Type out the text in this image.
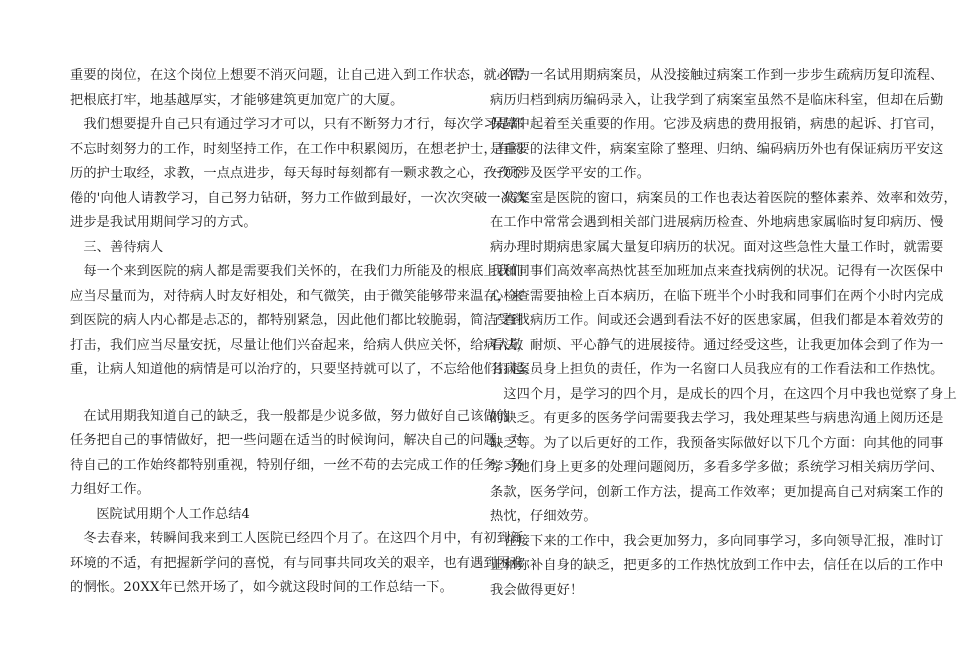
重要的岗位，在这个岗位上想要不消灭问题，让自己进入到工作状态，就必需
把根底打牢，地基越厚实，才能够建筑更加宽广的大厦。
　我们想要提升自己只有通过学习才可以，只有不断努力才行，每次学习是都
不忘时刻努力的工作，时刻坚持工作，在工作中积累阅历，在想老护士，有阅
历的护士取经，求教，一点点进步，每天每时每刻都有一颗求教之心，孜孜不
倦的'向他人请教学习，自己努力钻研，努力工作做到最好，一次次突破一次次
进步是我试用期间学习的方式。
　三、善待病人
　每一个来到医院的病人都是需要我们关怀的，在我们力所能及的根底上我们
应当尽量而为，对待病人时友好相处，和气微笑，由于微笑能够带来温存，来
到医院的病人内心都是忐忑的，都特别紧急，因此他们都比较脆弱，简洁受到
打击，我们应当尽量安抚，尽量让他们兴奋起来，给病人供应关怀，给病人敬
重，让病人知道他的病情是可以治疗的，只要坚持就可以了，不忘给他们打起。
　在试用期我知道自己的缺乏，我一般都是少说多做，努力做好自己该做的
任务把自己的事情做好，把一些问题在适当的时候询问，解决自己的问题，对
待自己的工作始终都特别重视，特别仔细，一丝不苟的去完成工作的任务，努
力组好工作。
　　医院试用期个人工作总结4
　冬去春来，转瞬间我来到工人医院已经四个月了。在这四个月中，有初到新
环境的不适，有把握新学问的喜悦，有与同事共同攻关的艰辛，也有遇到困难
的惘怅。20XX年已然开场了，如今就这段时间的工作总结一下。
　作为一名试用期病案员，从没接触过病案工作到一步步生疏病历复印流程、
病历归档到病历编码录入，让我学到了病案室虽然不是临床科室，但却在后勤
保障中起着至关重要的作用。它涉及病患的费用报销，病患的起诉、打官司，
是重要的法律文件，病案室除了整理、归纳、编码病历外也有保证病历平安这
一项涉及医学平安的工作。
　病案室是医院的窗口，病案员的工作也表达着医院的整体素养、效率和效劳，
在工作中常常会遇到相关部门进展病历检查、外地病患家属临时复印病历、慢
病办理时期病患家属大量复印病历的状况。面对这些急性大量工作时，就需要
我和同事们高效率高热忱甚至加班加点来查找病例的状况。记得有一次医保中
心检查需要抽检上百本病历，在临下班半个小时我和同事们在两个小时内完成
了查找病历工作。间或还会遇到看法不好的医患家属，但我们都是本着效劳的
看法，耐烦、平心静气的进展接待。通过经受这些，让我更加体会到了作为一
名病案员身上担负的责任，作为一名窗口人员我应有的工作看法和工作热忱。
　这四个月，是学习的四个月，是成长的四个月，在这四个月中我也觉察了身上
的缺乏。有更多的医务学问需要我去学习，我处理某些与病患沟通上阅历还是
缺乏等。为了以后更好的工作，我预备实际做好以下几个方面：向其他的同事
学习她们身上更多的处理问题阅历，多看多学多做；系统学习相关病历学问、
条款，医务学问，创新工作方法，提高工作效率；更加提高自己对病案工作的
热忱，仔细效劳。
　在接下来的工作中，我会更加努力，多向同事学习，多向领导汇报，准时订
正和弥补自身的缺乏，把更多的工作热忱放到工作中去，信任在以后的工作中
我会做得更好！
